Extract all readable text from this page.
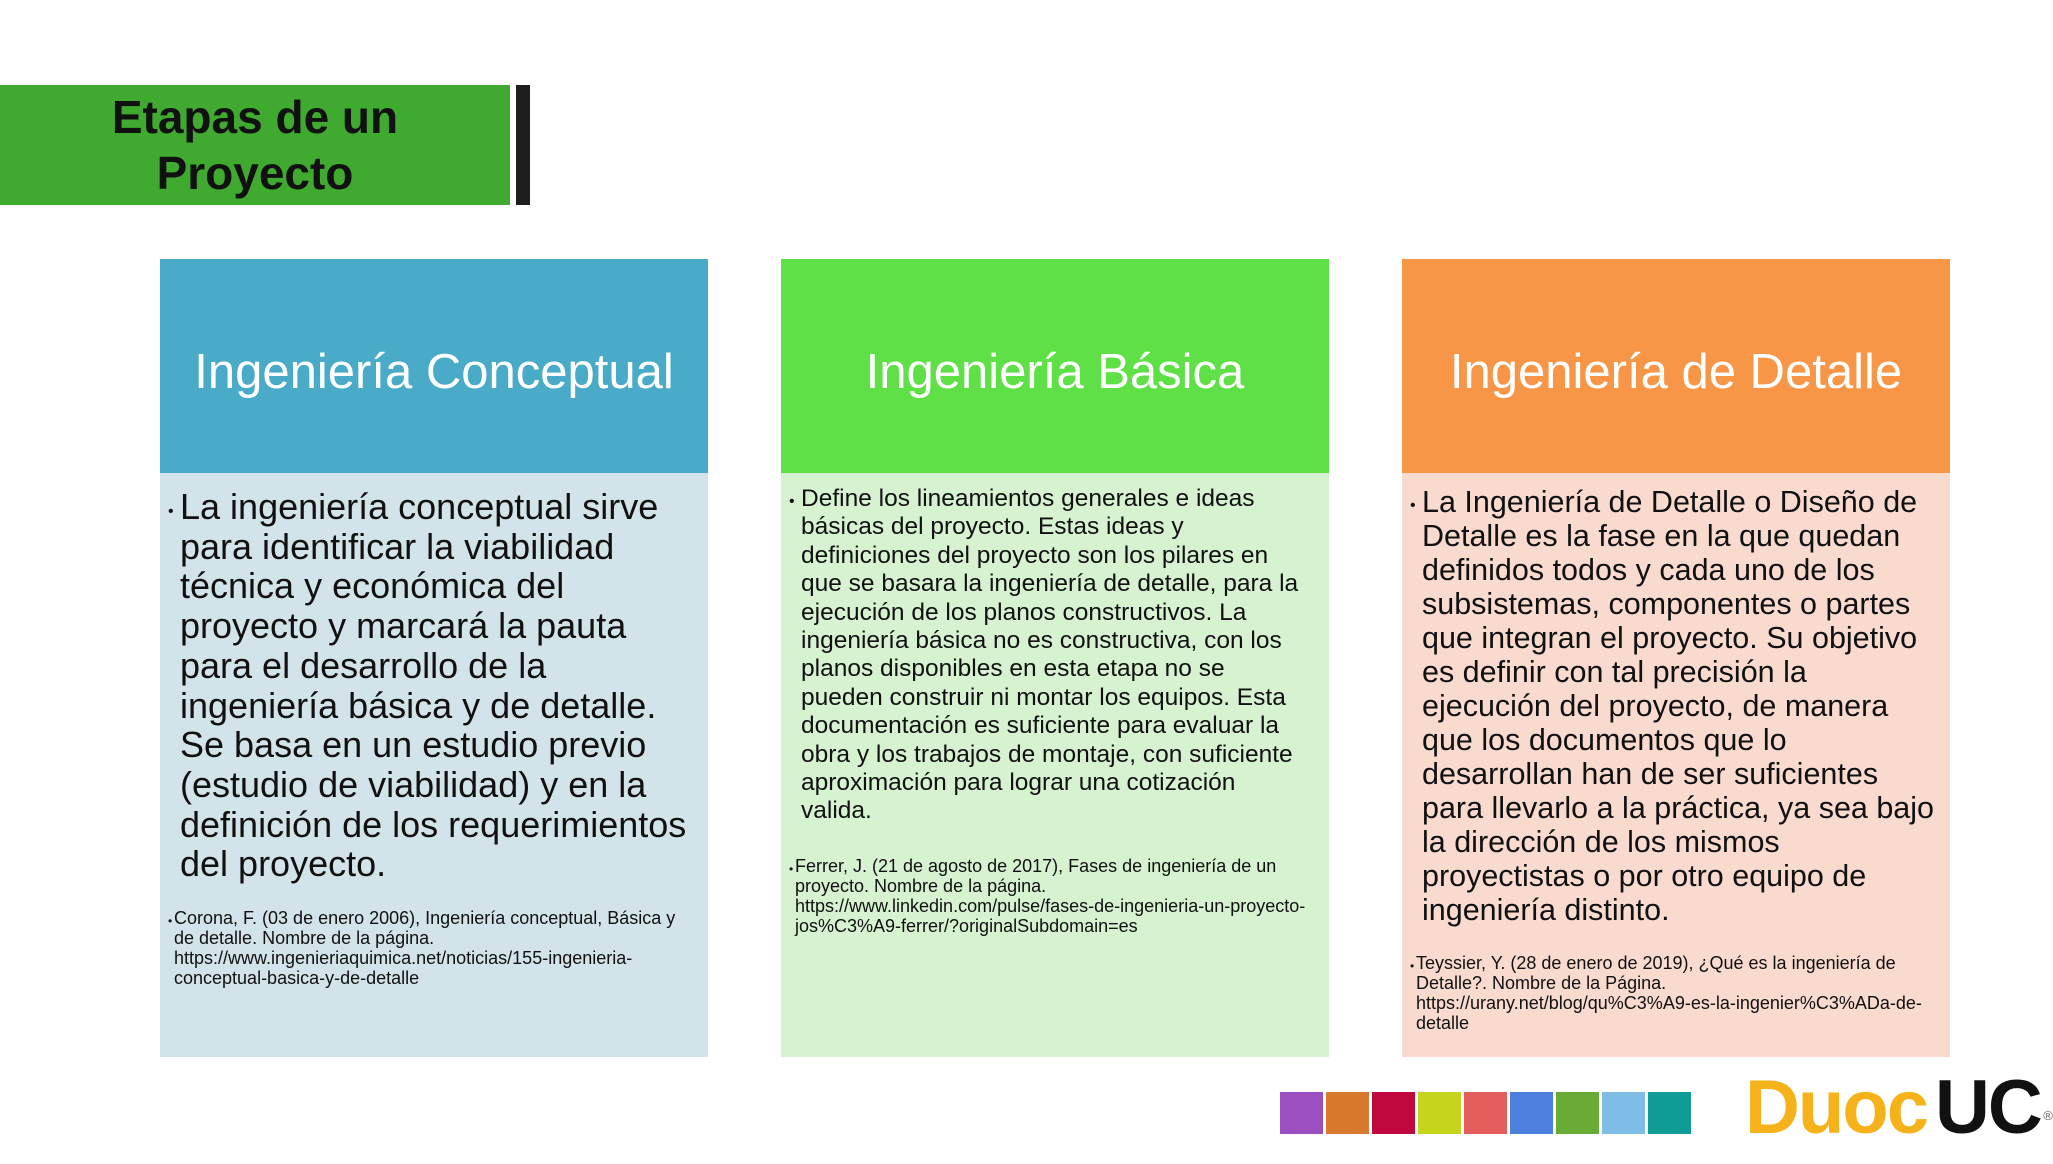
Etapas de un
Proyecto
Ingeniería Conceptual
• La ingeniería conceptual sirve para identificar la viabilidad técnica y económica del proyecto y marcará la pauta para el desarrollo de la ingeniería básica y de detalle. Se basa en un estudio previo (estudio de viabilidad) y en la definición de los requerimientos del proyecto.
• Corona, F. (03 de enero 2006), Ingeniería conceptual, Básica y de detalle. Nombre de la página. https://www.ingenieriaquimica.net/noticias/155-ingenieria-conceptual-basica-y-de-detalle
Ingeniería Básica
• Define los lineamientos generales e ideas básicas del proyecto. Estas ideas y definiciones del proyecto son los pilares en que se basara la ingeniería de detalle, para la ejecución de los planos constructivos. La ingeniería básica no es constructiva, con los planos disponibles en esta etapa no se pueden construir ni montar los equipos. Esta documentación es suficiente para evaluar la obra y los trabajos de montaje, con suficiente aproximación para lograr una cotización valida.
• Ferrer, J. (21 de agosto de 2017), Fases de ingeniería de un proyecto. Nombre de la página. https://www.linkedin.com/pulse/fases-de-ingenieria-un-proyecto-jos%C3%A9-ferrer/?originalSubdomain=es
Ingeniería de Detalle
• La Ingeniería de Detalle o Diseño de Detalle es la fase en la que quedan definidos todos y cada uno de los subsistemas, componentes o partes que integran el proyecto. Su objetivo es definir con tal precisión la ejecución del proyecto, de manera que los documentos que lo desarrollan han de ser suficientes para llevarlo a la práctica, ya sea bajo la dirección de los mismos proyectistas o por otro equipo de ingeniería distinto.
• Teyssier, Y. (28 de enero de 2019), ¿Qué es la ingeniería de Detalle?. Nombre de la Página. https://urany.net/blog/qu%C3%A9-es-la-ingenier%C3%ADa-de-detalle
Duoc UC ®
